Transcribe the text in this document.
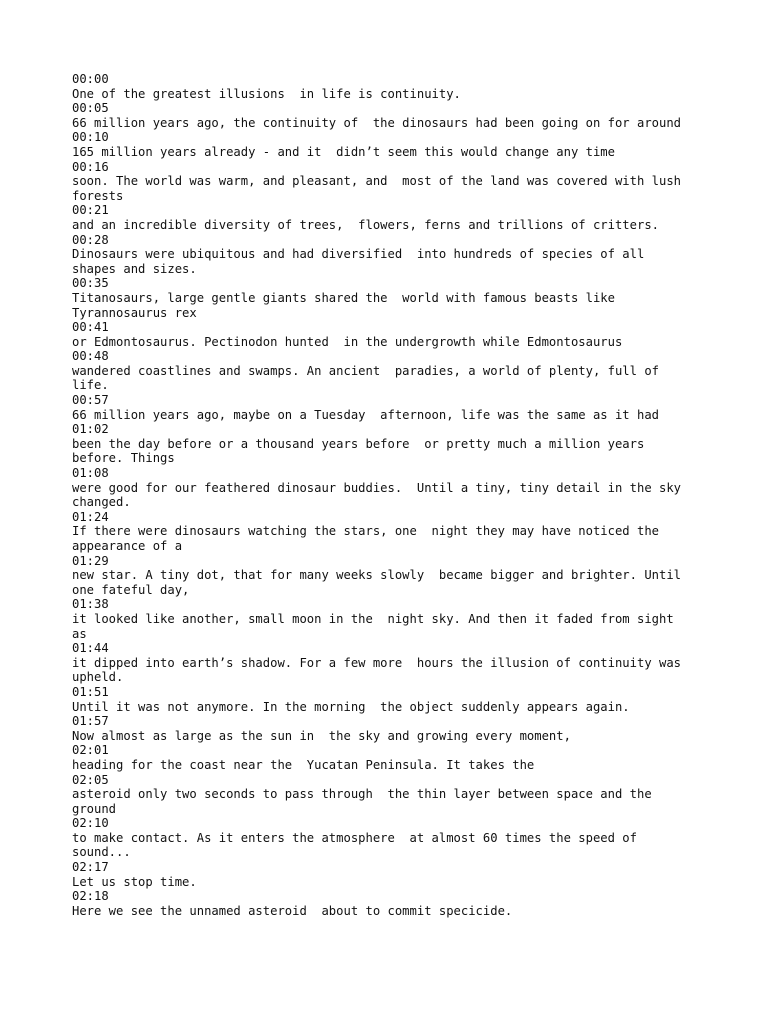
00:00
One of the greatest illusions  in life is continuity.
00:05
66 million years ago, the continuity of  the dinosaurs had been going on for around
00:10
165 million years already - and it  didn’t seem this would change any time
00:16
soon. The world was warm, and pleasant, and  most of the land was covered with lush
forests
00:21
and an incredible diversity of trees,  flowers, ferns and trillions of critters.
00:28
Dinosaurs were ubiquitous and had diversified  into hundreds of species of all
shapes and sizes.
00:35
Titanosaurs, large gentle giants shared the  world with famous beasts like
Tyrannosaurus rex
00:41
or Edmontosaurus. Pectinodon hunted  in the undergrowth while Edmontosaurus
00:48
wandered coastlines and swamps. An ancient  paradies, a world of plenty, full of
life.
00:57
66 million years ago, maybe on a Tuesday  afternoon, life was the same as it had
01:02
been the day before or a thousand years before  or pretty much a million years
before. Things
01:08
were good for our feathered dinosaur buddies.  Until a tiny, tiny detail in the sky
changed.
01:24
If there were dinosaurs watching the stars, one  night they may have noticed the
appearance of a
01:29
new star. A tiny dot, that for many weeks slowly  became bigger and brighter. Until
one fateful day,
01:38
it looked like another, small moon in the  night sky. And then it faded from sight
as
01:44
it dipped into earth’s shadow. For a few more  hours the illusion of continuity was
upheld.
01:51
Until it was not anymore. In the morning  the object suddenly appears again.
01:57
Now almost as large as the sun in  the sky and growing every moment,
02:01
heading for the coast near the  Yucatan Peninsula. It takes the
02:05
asteroid only two seconds to pass through  the thin layer between space and the
ground
02:10
to make contact. As it enters the atmosphere  at almost 60 times the speed of
sound...
02:17
Let us stop time.
02:18
Here we see the unnamed asteroid  about to commit specicide.
